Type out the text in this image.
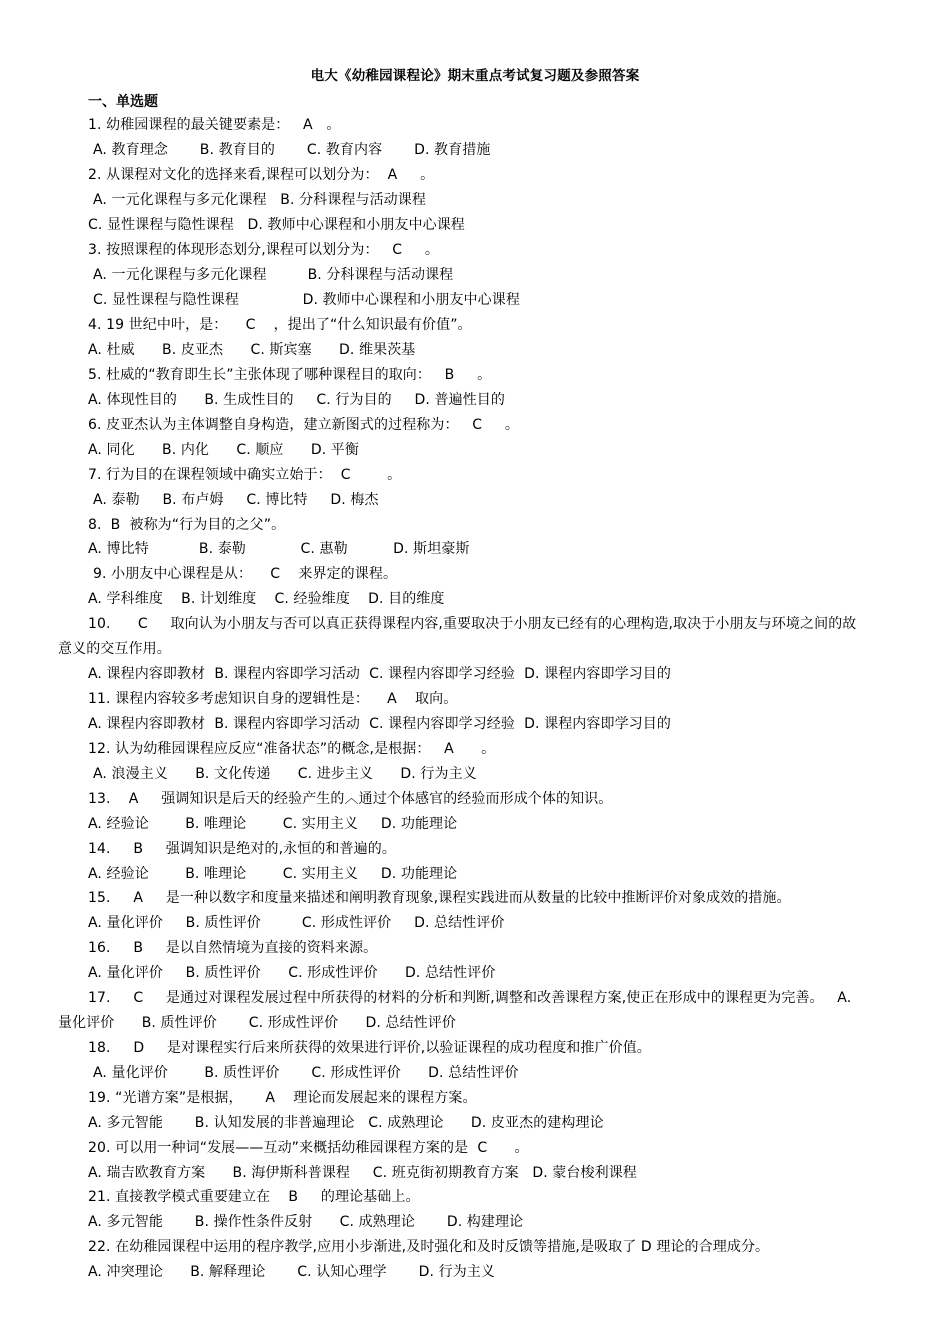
电大《幼稚园课程论》期末重点考试复习题及参照答案
一、单选题
1. 幼稚园课程的最关键要素是：   A   。
A. 教育理念       B. 教育目的       C. 教育内容       D. 教育措施
2. 从课程对文化的选择来看,课程可以划分为：  A     。
A. 一元化课程与多元化课程   B. 分科课程与活动课程
C. 显性课程与隐性课程   D. 教师中心课程和小朋友中心课程
3. 按照课程的体现形态划分,课程可以划分为：   C     。
A. 一元化课程与多元化课程         B. 分科课程与活动课程
C. 显性课程与隐性课程              D. 教师中心课程和小朋友中心课程
4. 19 世纪中叶，是：    C    ，提出了“什么知识最有价值”。
A. 杜威      B. 皮亚杰      C. 斯宾塞      D. 维果茨基
5. 杜威的“教育即生长”主张体现了哪种课程目的取向：   B     。
A. 体现性目的      B. 生成性目的     C. 行为目的     D. 普遍性目的
6. 皮亚杰认为主体调整自身构造，建立新图式的过程称为：   C     。
A. 同化      B. 内化      C. 顺应      D. 平衡
7. 行为目的在课程领域中确实立始于：  C        。
A. 泰勒     B. 布卢姆     C. 博比特     D. 梅杰
8.  B  被称为“行为目的之父”。
A. 博比特           B. 泰勒            C. 惠勒          D. 斯坦豪斯
9. 小朋友中心课程是从：    C    来界定的课程。
A. 学科维度    B. 计划维度    C. 经验维度    D. 目的维度
10.      C     取向认为小朋友与否可以真正获得课程内容,重要取决于小朋友已经有的心理构造,取决于小朋友与环境之间的故
意义的交互作用。
A. 课程内容即教材  B. 课程内容即学习活动  C. 课程内容即学习经验  D. 课程内容即学习目的
11. 课程内容较多考虑知识自身的逻辑性是：    A    取向。
A. 课程内容即教材  B. 课程内容即学习活动  C. 课程内容即学习经验  D. 课程内容即学习目的
12. 认为幼稚园课程应反应“准备状态”的概念,是根据：   A      。
A. 浪漫主义      B. 文化传递      C. 进步主义      D. 行为主义
13.    A     强调知识是后天的经验产生的︿通过个体感官的经验而形成个体的知识。
A. 经验论        B. 唯理论        C. 实用主义     D. 功能理论
14.     B     强调知识是绝对的,永恒的和普遍的。
A. 经验论        B. 唯理论        C. 实用主义     D. 功能理论
15.     A     是一种以数字和度量来描述和阐明教育现象,课程实践进而从数量的比较中推断评价对象成效的措施。
A. 量化评价     B. 质性评价         C. 形成性评价     D. 总结性评价
16.     B     是以自然情境为直接的资料来源。
A. 量化评价     B. 质性评价      C. 形成性评价      D. 总结性评价
17.     C     是通过对课程发展过程中所获得的材料的分析和判断,调整和改善课程方案,使正在形成中的课程更为完善。   A.
量化评价      B. 质性评价       C. 形成性评价      D. 总结性评价
18.     D     是对课程实行后来所获得的效果进行评价,以验证课程的成功程度和推广价值。
A. 量化评价        B. 质性评价       C. 形成性评价      D. 总结性评价
19. “光谱方案”是根据，     A    理论而发展起来的课程方案。
A. 多元智能       B. 认知发展的非普遍理论   C. 成熟理论      D. 皮亚杰的建构理论
20. 可以用一种词“发展——互动”来概括幼稚园课程方案的是  C      。
A. 瑞吉欧教育方案      B. 海伊斯科普课程     C. 班克街初期教育方案   D. 蒙台梭利课程
21. 直接教学模式重要建立在    B     的理论基础上。
A. 多元智能       B. 操作性条件反射      C. 成熟理论       D. 构建理论
22. 在幼稚园课程中运用的程序教学,应用小步渐进,及时强化和及时反馈等措施,是吸取了 D 理论的合理成分。
A. 冲突理论      B. 解释理论       C. 认知心理学       D. 行为主义
